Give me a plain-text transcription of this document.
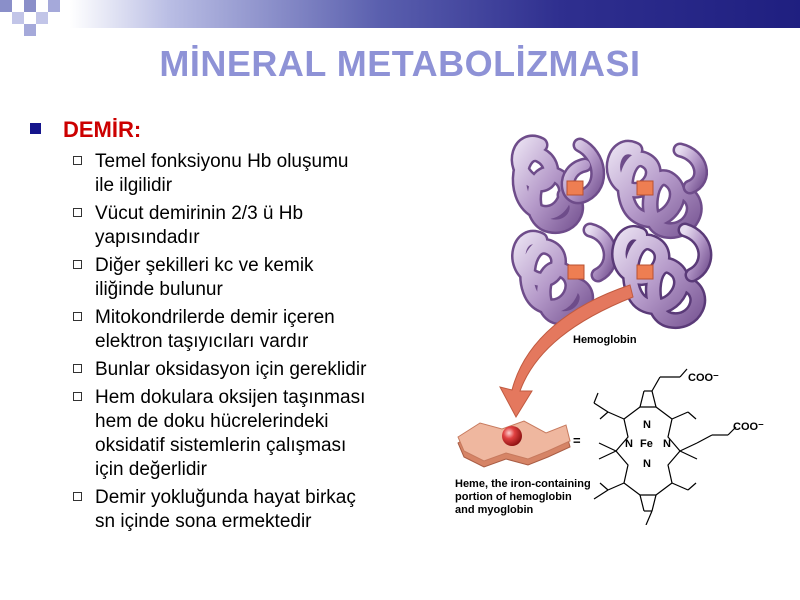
MİNERAL METABOLİZMASI
DEMİR:
Temel fonksiyonu Hb oluşumu
ile ilgilidir
Vücut demirinin 2/3 ü Hb
yapısındadır
Diğer şekilleri kc ve kemik
iliğinde bulunur
Mitokondrilerde demir içeren
elektron taşıyıcıları vardır
Bunlar oksidasyon için gereklidir
Hem dokulara oksijen taşınması
hem de doku hücrelerindeki
oksidatif sistemlerin çalışması
için değerlidir
Demir yokluğunda hayat birkaç
sn içinde sona ermektedir
Hemoglobin
=
COO⁻
COO⁻
N
N Fe N
N
Heme, the iron-containing
portion of hemoglobin
and myoglobin
